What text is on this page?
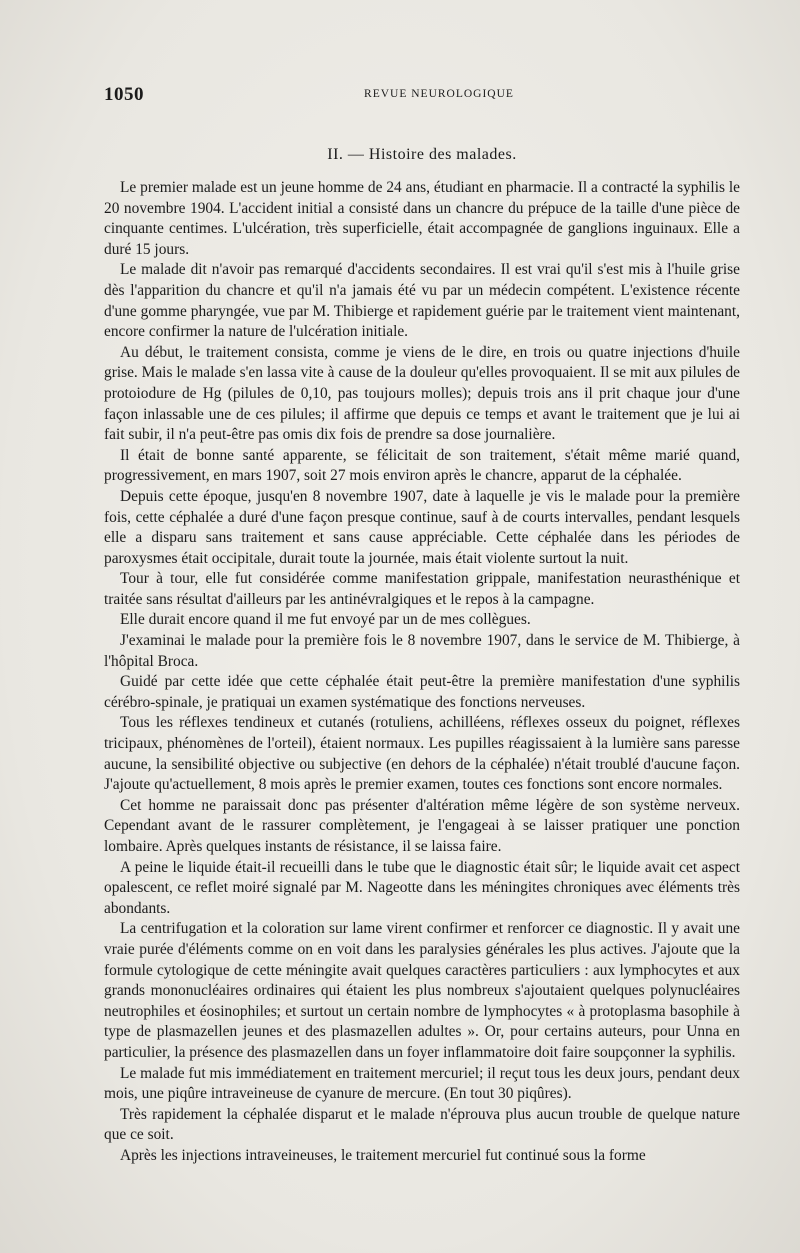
1050	REVUE NEUROLOGIQUE
II. — Histoire des malades.

Le premier malade est un jeune homme de 24 ans, étudiant en pharmacie. Il a contracté la syphilis le 20 novembre 1904. L'accident initial a consisté dans un chancre du prépuce de la taille d'une pièce de cinquante centimes. L'ulcération, très superficielle, était accompagnée de ganglions inguinaux. Elle a duré 15 jours.

Le malade dit n'avoir pas remarqué d'accidents secondaires. Il est vrai qu'il s'est mis à l'huile grise dès l'apparition du chancre et qu'il n'a jamais été vu par un médecin compétent. L'existence récente d'une gomme pharyngée, vue par M. Thibierge et rapidement guérie par le traitement vient maintenant, encore confirmer la nature de l'ulcération initiale.

Au début, le traitement consista, comme je viens de le dire, en trois ou quatre injections d'huile grise. Mais le malade s'en lassa vite à cause de la douleur qu'elles provoquaient. Il se mit aux pilules de protoiodure de Hg (pilules de 0,10, pas toujours molles); depuis trois ans il prit chaque jour d'une façon inlassable une de ces pilules; il affirme que depuis ce temps et avant le traitement que je lui ai fait subir, il n'a peut-être pas omis dix fois de prendre sa dose journalière.

Il était de bonne santé apparente, se félicitait de son traitement, s'était même marié quand, progressivement, en mars 1907, soit 27 mois environ après le chancre, apparut de la céphalée.

Depuis cette époque, jusqu'en 8 novembre 1907, date à laquelle je vis le malade pour la première fois, cette céphalée a duré d'une façon presque continue, sauf à de courts intervalles, pendant lesquels elle a disparu sans traitement et sans cause appréciable. Cette céphalée dans les périodes de paroxysmes était occipitale, durait toute la journée, mais était violente surtout la nuit.

Tour à tour, elle fut considérée comme manifestation grippale, manifestation neurasthénique et traitée sans résultat d'ailleurs par les antinévralgiques et le repos à la campagne.

Elle durait encore quand il me fut envoyé par un de mes collègues.

J'examinai le malade pour la première fois le 8 novembre 1907, dans le service de M. Thibierge, à l'hôpital Broca.

Guidé par cette idée que cette céphalée était peut-être la première manifestation d'une syphilis cérébro-spinale, je pratiquai un examen systématique des fonctions nerveuses.

Tous les réflexes tendineux et cutanés (rotuliens, achilléens, réflexes osseux du poignet, réflexes tricipaux, phénomènes de l'orteil), étaient normaux. Les pupilles réagissaient à la lumière sans paresse aucune, la sensibilité objective ou subjective (en dehors de la céphalée) n'était troublé d'aucune façon. J'ajoute qu'actuellement, 8 mois après le premier examen, toutes ces fonctions sont encore normales.

Cet homme ne paraissait donc pas présenter d'altération même légère de son système nerveux. Cependant avant de le rassurer complètement, je l'engageai à se laisser pratiquer une ponction lombaire. Après quelques instants de résistance, il se laissa faire.

A peine le liquide était-il recueilli dans le tube que le diagnostic était sûr; le liquide avait cet aspect opalescent, ce reflet moiré signalé par M. Nageotte dans les méningites chroniques avec éléments très abondants.

La centrifugation et la coloration sur lame virent confirmer et renforcer ce diagnostic. Il y avait une vraie purée d'éléments comme on en voit dans les paralysies générales les plus actives. J'ajoute que la formule cytologique de cette méningite avait quelques caractères particuliers : aux lymphocytes et aux grands mononucléaires ordinaires qui étaient les plus nombreux s'ajoutaient quelques polynucléaires neutrophiles et éosinophiles; et surtout un certain nombre de lymphocytes « à protoplasma basophile à type de plasmazellen jeunes et des plasmazellen adultes ». Or, pour certains auteurs, pour Unna en particulier, la présence des plasmazellen dans un foyer inflammatoire doit faire soupçonner la syphilis.

Le malade fut mis immédiatement en traitement mercuriel; il reçut tous les deux jours, pendant deux mois, une piqûre intraveineuse de cyanure de mercure. (En tout 30 piqûres).

Très rapidement la céphalée disparut et le malade n'éprouva plus aucun trouble de quelque nature que ce soit.

Après les injections intraveineuses, le traitement mercuriel fut continué sous la forme
